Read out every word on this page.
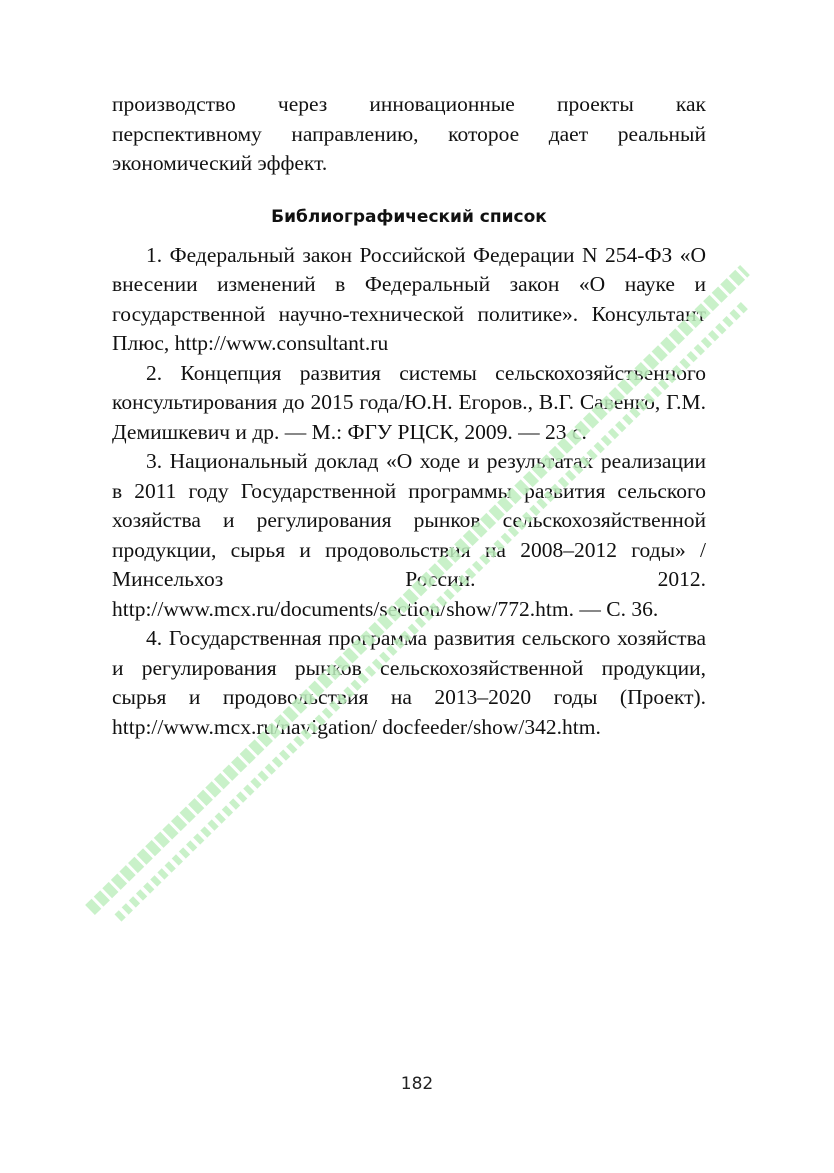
производство через инновационные проекты как перспективному направлению, которое дает реальный экономический эффект.

Библиографический список

1. Федеральный закон Российской Федерации N 254-ФЗ «О внесении изменений в Федеральный закон «О науке и государственной научно-технической политике». Консультант Плюс, http://www.consultant.ru

2. Концепция развития системы сельскохозяйственного консультирования до 2015 года/Ю.Н. Егоров., В.Г. Савенко, Г.М. Демишкевич и др. — М.: ФГУ РЦСК, 2009. — 23 с.

3. Национальный доклад «О ходе и результатах реализации в 2011 году Государственной программы развития сельского хозяйства и регулирования рынков сельскохозяйственной продукции, сырья и продовольствия на 2008–2012 годы» / Минсельхоз России. 2012. http://www.mcx.ru/documents/section/show/772.htm. — С. 36.

4. Государственная программа развития сельского хозяйства и регулирования рынков сельскохозяйственной продукции, сырья и продовольствия на 2013–2020 годы (Проект). http://www.mcx.ru/navigation/ docfeeder/show/342.htm.

182
